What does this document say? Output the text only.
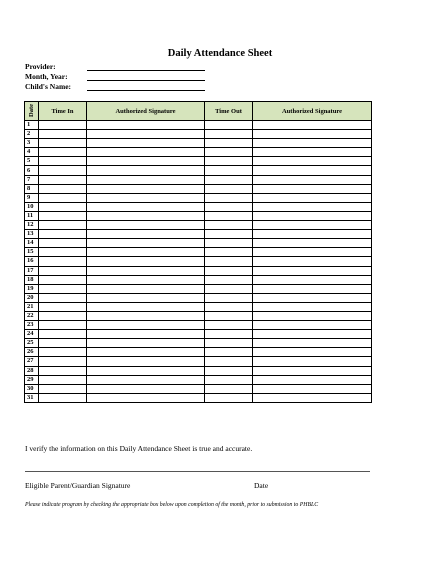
Daily Attendance Sheet
Provider:
Month, Year:
Child's Name:
Date	Time In	Authorized Signature	Time Out	Authorized Signature
1				
2				
3				
4				
5				
6				
7				
8				
9				
10				
11				
12				
13				
14				
15				
16				
17				
18				
19				
20				
21				
22				
23				
24				
25				
26				
27				
28				
29				
30				
31				
I verify the information on this Daily Attendance Sheet is true and accurate.
Eligible Parent/Guardian Signature	Date
Please indicate program by checking the appropriate box below upon completion of the month, prior to submission to PHBLC
